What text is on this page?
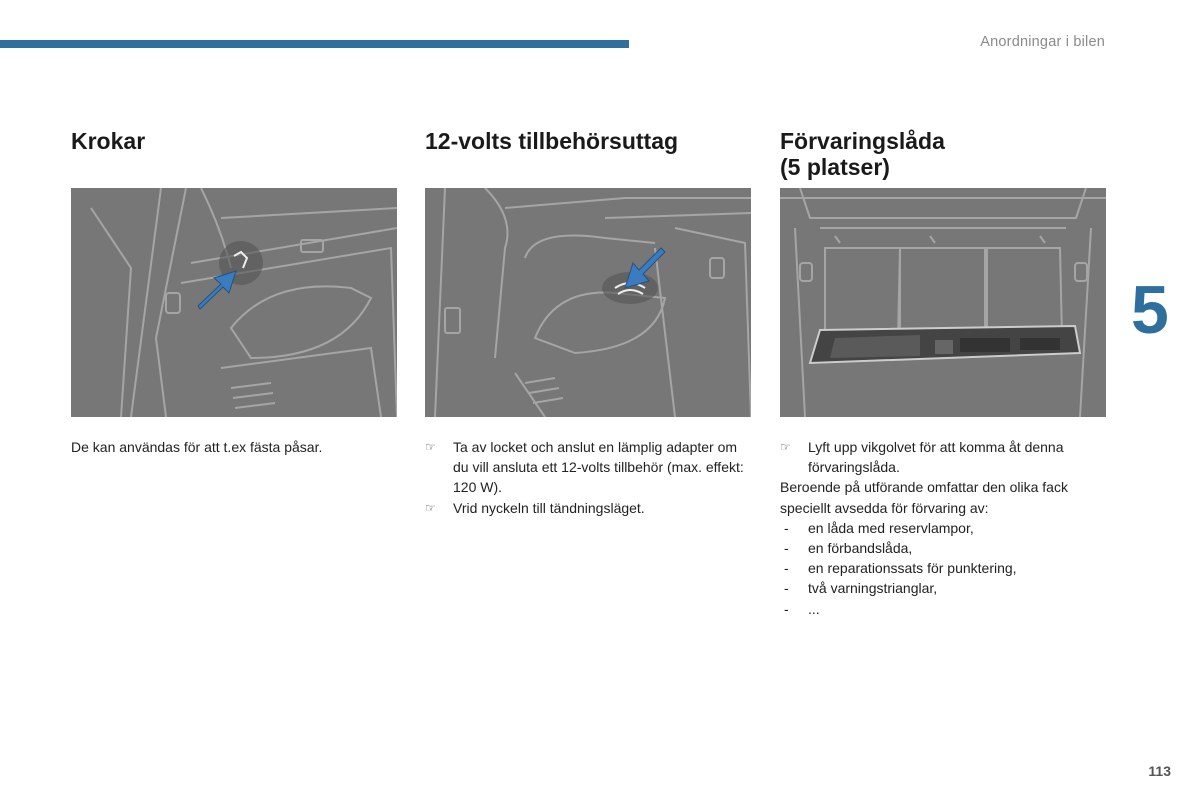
Anordningar i bilen
5
113
Krokar

De kan användas för att t.ex fästa påsar.

12-volts tillbehörsuttag
☞ Ta av locket och anslut en lämplig adapter om du vill ansluta ett 12-volts tillbehör (max. effekt: 120 W).
☞ Vrid nyckeln till tändningsläget.
Förvaringslåda
(5 platser)
☞ Lyft upp vikgolvet för att komma åt denna förvaringslåda.

Beroende på utförande omfattar den olika fack speciellt avsedda för förvaring av:

- en låda med reservlampor,
- en förbandslåda,
- en reparationssats för punktering,
- två varningstrianglar,
- ...
